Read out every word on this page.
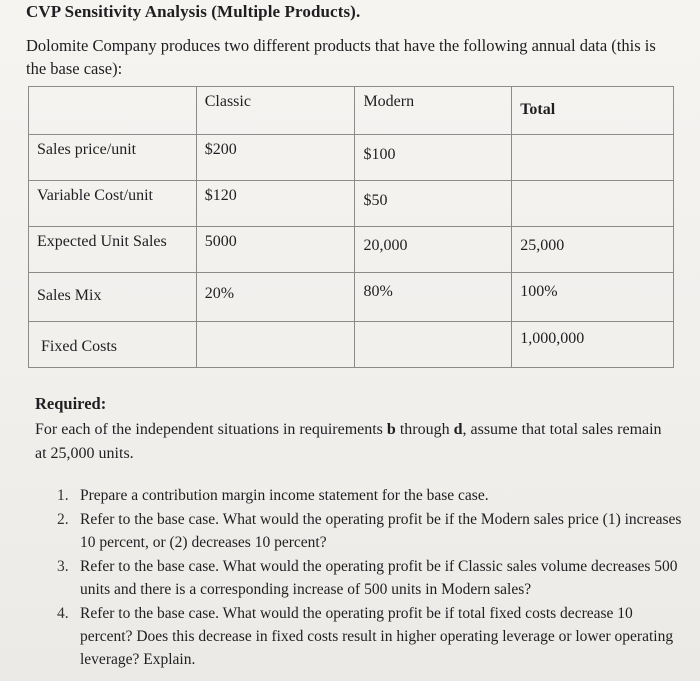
CVP Sensitivity Analysis (Multiple Products).
Dolomite Company produces two different products that have the following annual data (this is the base case):

	Classic	Modern	Total

Sales price/unit	$200	$100	

Variable Cost/unit	$120	$50	

Expected Unit Sales	5000	20,000	25,000

Sales Mix	20%	80%	100%

Fixed Costs			1,000,000
Required:
For each of the independent situations in requirements b through d, assume that total sales remain at 25,000 units.
1. Prepare a contribution margin income statement for the base case.
2. Refer to the base case. What would the operating profit be if the Modern sales price (1) increases 10 percent, or (2) decreases 10 percent?
3. Refer to the base case. What would the operating profit be if Classic sales volume decreases 500 units and there is a corresponding increase of 500 units in Modern sales?
4. Refer to the base case. What would the operating profit be if total fixed costs decrease 10 percent? Does this decrease in fixed costs result in higher operating leverage or lower operating leverage? Explain.
